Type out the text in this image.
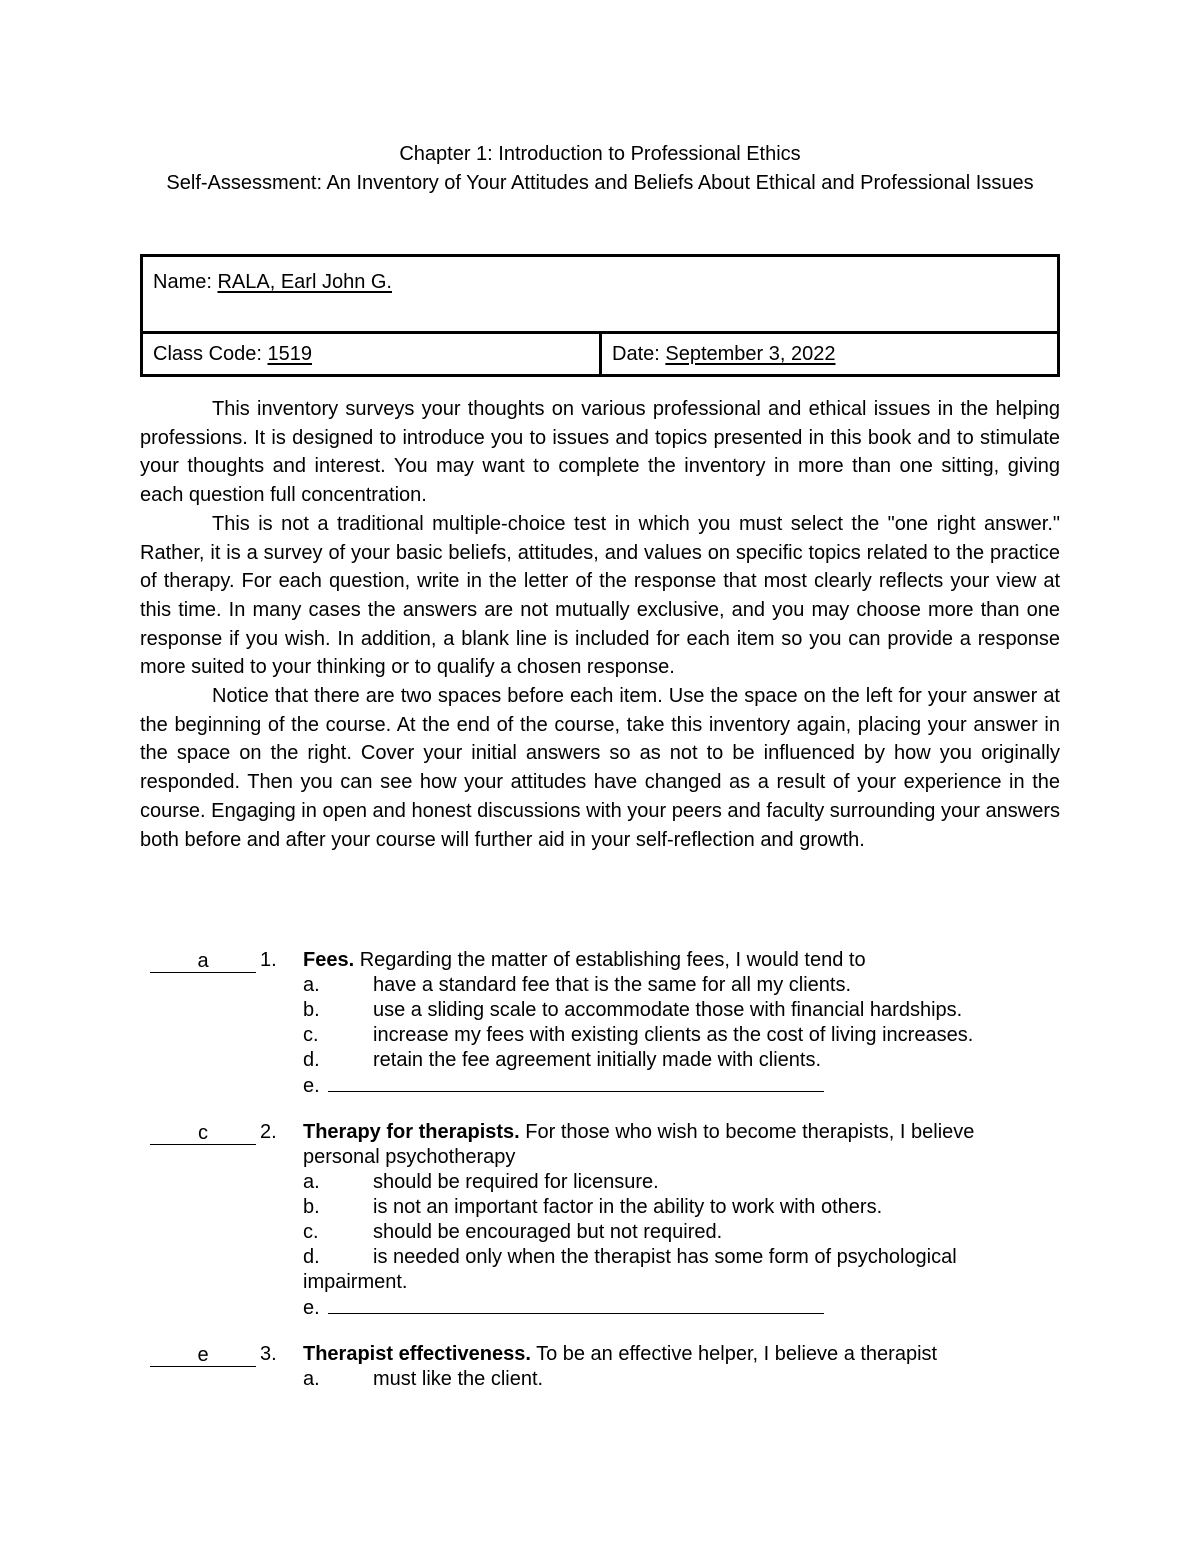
Chapter 1: Introduction to Professional Ethics
Self-Assessment: An Inventory of Your Attitudes and Beliefs About Ethical and Professional Issues
Name: RALA, Earl John G.
Class Code: 1519	Date: September 3, 2022

This inventory surveys your thoughts on various professional and ethical issues in the helping professions. It is designed to introduce you to issues and topics presented in this book and to stimulate your thoughts and interest. You may want to complete the inventory in more than one sitting, giving each question full concentration.

This is not a traditional multiple-choice test in which you must select the "one right answer." Rather, it is a survey of your basic beliefs, attitudes, and values on specific topics related to the practice of therapy. For each question, write in the letter of the response that most clearly reflects your view at this time. In many cases the answers are not mutually exclusive, and you may choose more than one response if you wish. In addition, a blank line is included for each item so you can provide a response more suited to your thinking or to qualify a chosen response.

Notice that there are two spaces before each item. Use the space on the left for your answer at the beginning of the course. At the end of the course, take this inventory again, placing your answer in the space on the right. Cover your initial answers so as not to be influenced by how you originally responded. Then you can see how your attitudes have changed as a result of your experience in the course. Engaging in open and honest discussions with your peers and faculty surrounding your answers both before and after your course will further aid in your self-reflection and growth.

a	1. Fees. Regarding the matter of establishing fees, I would tend to
a.	have a standard fee that is the same for all my clients.
b.	use a sliding scale to accommodate those with financial hardships.
c.	increase my fees with existing clients as the cost of living increases.
d.	retain the fee agreement initially made with clients.
e.
c	2. Therapy for therapists. For those who wish to become therapists, I believe
personal psychotherapy
a.	should be required for licensure.
b.	is not an important factor in the ability to work with others.
c.	should be encouraged but not required.
d.	is needed only when the therapist has some form of psychological
impairment.
e.
e	3. Therapist effectiveness. To be an effective helper, I believe a therapist
a.	must like the client.
